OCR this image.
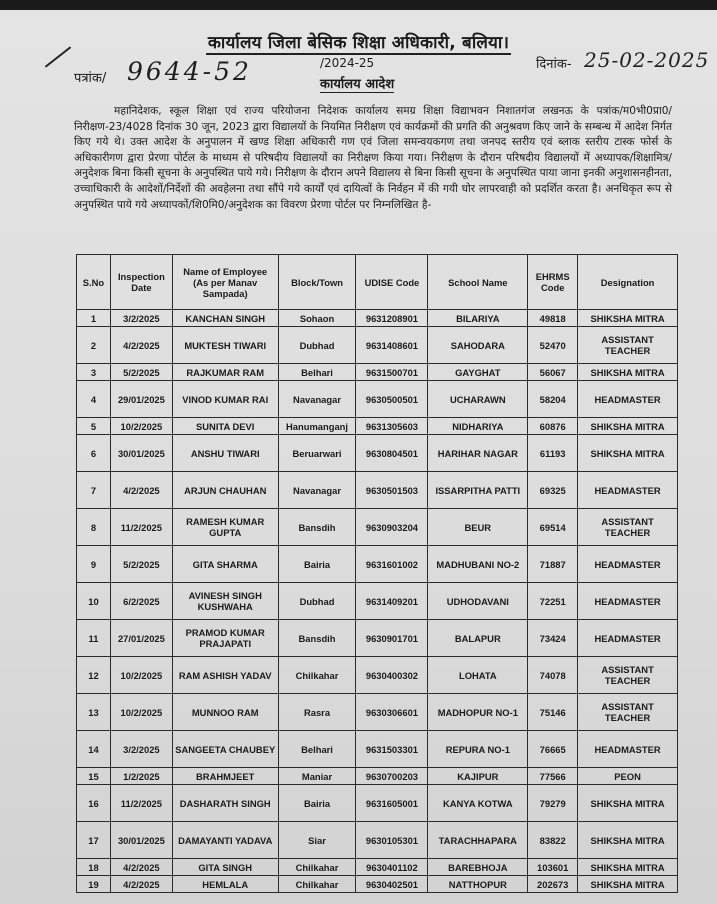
कार्यालय जिला बेसिक शिक्षा अधिकारी, बलिया।
पत्रांक/ 9644-52	/2024-25
कार्यालय आदेश
दिनांक- 25-02-2025

महानिदेशक, स्कूल शिक्षा एवं राज्य परियोजना निदेशक कार्यालय समग्र शिक्षा विद्याभवन निशातगंज लखनऊ के पत्रांक/म0भी0प्रा0/निरीक्षण-23/4028 दिनांक 30 जून, 2023 द्वारा विद्यालयों के नियमित निरीक्षण एवं कार्यक्रमों की प्रगति की अनुश्रवण किए जाने के सम्बन्ध में आदेश निर्गत किए गये थे। उक्त आदेश के अनुपालन में खण्ड शिक्षा अधिकारी गण एवं जिला समन्वयकगण तथा जनपद स्तरीय एवं ब्लाक स्तरीय टास्क फोर्स के अधिकारीगण द्वारा प्रेरणा पोर्टल के माध्यम से परिषदीय विद्यालयों का निरीक्षण किया गया। निरीक्षण के दौरान परिषदीय विद्यालयों में अध्यापक/शिक्षामित्र/अनुदेशक बिना किसी सूचना के अनुपस्थित पाये गये। निरीक्षण के दौरान अपने विद्यालय से बिना किसी सूचना के अनुपस्थित पाया जाना इनकी अनुशासनहीनता, उच्चाधिकारी के आदेशों/निर्देशों की अवहेलना तथा सौंपे गये कार्यों एवं दायित्वों के निर्वहन में की गयी घोर लापरवाही को प्रदर्शित करता है। अनधिकृत रूप से अनुपस्थित पाये गये अध्यापकों/शि0मि0/अनुदेशक का विवरण प्रेरणा पोर्टल पर निम्नलिखित है-

S.No	Inspection Date	Name of Employee (As per Manav Sampada)	Block/Town	UDISE Code	School Name	EHRMS Code	Designation
1	3/2/2025	KANCHAN SINGH	Sohaon	9631208901	BILARIYA	49818	SHIKSHA MITRA
2	4/2/2025	MUKTESH TIWARI	Dubhad	9631408601	SAHODARA	52470	ASSISTANT TEACHER
3	5/2/2025	RAJKUMAR RAM	Belhari	9631500701	GAYGHAT	56067	SHIKSHA MITRA
4	29/01/2025	VINOD KUMAR RAI	Navanagar	9630500501	UCHARAWN	58204	HEADMASTER
5	10/2/2025	SUNITA DEVI	Hanumanganj	9631305603	NIDHARIYA	60876	SHIKSHA MITRA
6	30/01/2025	ANSHU TIWARI	Beruarwari	9630804501	HARIHAR NAGAR	61193	SHIKSHA MITRA
7	4/2/2025	ARJUN CHAUHAN	Navanagar	9630501503	ISSARPITHA PATTI	69325	HEADMASTER
8	11/2/2025	RAMESH KUMAR GUPTA	Bansdih	9630903204	BEUR	69514	ASSISTANT TEACHER
9	5/2/2025	GITA SHARMA	Bairia	9631601002	MADHUBANI NO-2	71887	HEADMASTER
10	6/2/2025	AVINESH SINGH KUSHWAHA	Dubhad	9631409201	UDHODAVANI	72251	HEADMASTER
11	27/01/2025	PRAMOD KUMAR PRAJAPATI	Bansdih	9630901701	BALAPUR	73424	HEADMASTER
12	10/2/2025	RAM ASHISH YADAV	Chilkahar	9630400302	LOHATA	74078	ASSISTANT TEACHER
13	10/2/2025	MUNNOO RAM	Rasra	9630306601	MADHOPUR NO-1	75146	ASSISTANT TEACHER
14	3/2/2025	SANGEETA CHAUBEY	Belhari	9631503301	REPURA NO-1	76665	HEADMASTER
15	1/2/2025	BRAHMJEET	Maniar	9630700203	KAJIPUR	77566	PEON
16	11/2/2025	DASHARATH SINGH	Bairia	9631605001	KANYA KOTWA	79279	SHIKSHA MITRA
17	30/01/2025	DAMAYANTI YADAVA	Siar	9630105301	TARACHHAPARA	83822	SHIKSHA MITRA
18	4/2/2025	GITA SINGH	Chilkahar	9630401102	BAREBHOJA	103601	SHIKSHA MITRA
19	4/2/2025	HEMLALA	Chilkahar	9630402501	NATTHOPUR	202673	SHIKSHA MITRA
